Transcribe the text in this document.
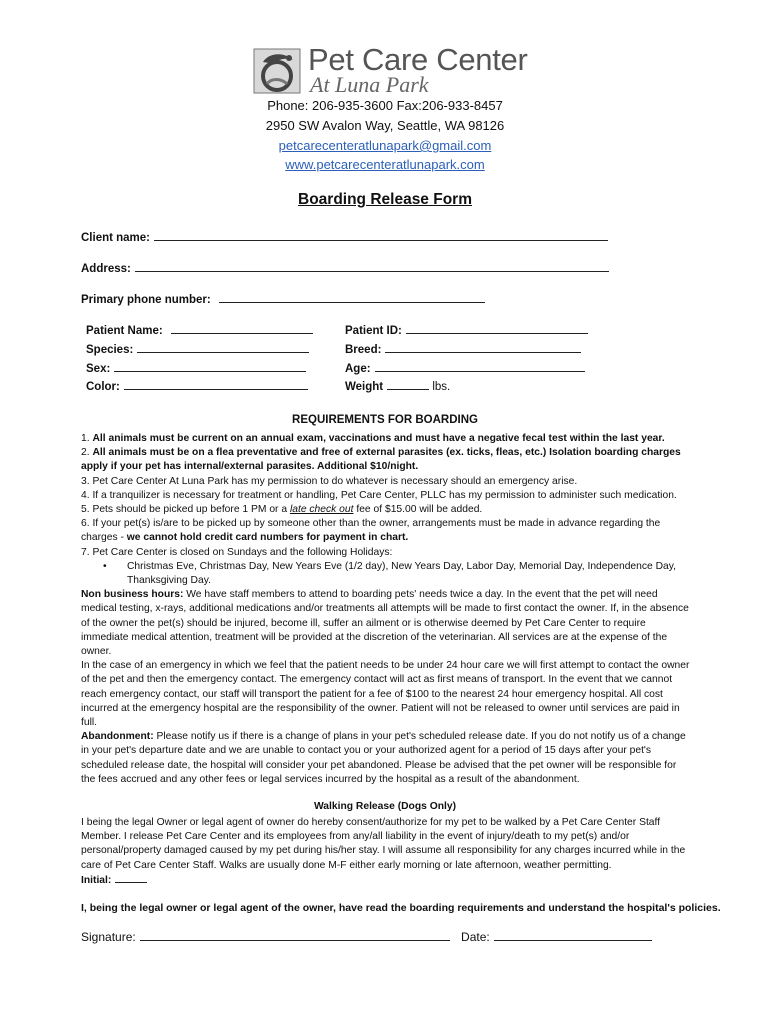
Pet Care Center
At Luna Park
Phone: 206-935-3600 Fax:206-933-8457
2950 SW Avalon Way, Seattle, WA 98126
petcarecenteratlunapark@gmail.com
www.petcarecenteratlunapark.com
Boarding Release Form
Client name:
Address:
Primary phone number:
Patient Name:
Species:
Sex:
Color:
Patient ID:
Breed:
Age:
Weight	lbs.
REQUIREMENTS FOR BOARDING

1. All animals must be current on an annual exam, vaccinations and must have a negative fecal test within the last year.

2. All animals must be on a flea preventative and free of external parasites (ex. ticks, fleas, etc.) Isolation boarding charges apply if your pet has internal/external parasites. Additional $10/night.

3. Pet Care Center At Luna Park has my permission to do whatever is necessary should an emergency arise.

4. If a tranquilizer is necessary for treatment or handling, Pet Care Center, PLLC has my permission to administer such medication.

5. Pets should be picked up before 1 PM or a late check out fee of $15.00 will be added.

6. If your pet(s) is/are to be picked up by someone other than the owner, arrangements must be made in advance regarding the charges - we cannot hold credit card numbers for payment in chart.

7. Pet Care Center is closed on Sundays and the following Holidays:

• Christmas Eve, Christmas Day, New Years Eve (1/2 day), New Years Day, Labor Day, Memorial Day, Independence Day, Thanksgiving Day.

Non business hours: We have staff members to attend to boarding pets' needs twice a day. In the event that the pet will need medical testing, x-rays, additional medications and/or treatments all attempts will be made to first contact the owner. If, in the absence of the owner the pet(s) should be injured, become ill, suffer an ailment or is otherwise deemed by Pet Care Center to require immediate medical attention, treatment will be provided at the discretion of the veterinarian. All services are at the expense of the owner.

In the case of an emergency in which we feel that the patient needs to be under 24 hour care we will first attempt to contact the owner of the pet and then the emergency contact. The emergency contact will act as first means of transport. In the event that we cannot reach emergency contact, our staff will transport the patient for a fee of $100 to the nearest 24 hour emergency hospital. All cost incurred at the emergency hospital are the responsibility of the owner. Patient will not be released to owner until services are paid in full.

Abandonment: Please notify us if there is a change of plans in your pet's scheduled release date. If you do not notify us of a change in your pet's departure date and we are unable to contact you or your authorized agent for a period of 15 days after your pet's scheduled release date, the hospital will consider your pet abandoned. Please be advised that the pet owner will be responsible for the fees accrued and any other fees or legal services incurred by the hospital as a result of the abandonment.

Walking Release (Dogs Only)

I being the legal Owner or legal agent of owner do hereby consent/authorize for my pet to be walked by a Pet Care Center Staff Member. I release Pet Care Center and its employees from any/all liability in the event of injury/death to my pet(s) and/or personal/property damaged caused by my pet during his/her stay. I will assume all responsibility for any charges incurred while in the care of Pet Care Center Staff. Walks are usually done M-F either early morning or late afternoon, weather permitting.

Initial:

I, being the legal owner or legal agent of the owner, have read the boarding requirements and understand the hospital's policies.
Signature:	Date:
